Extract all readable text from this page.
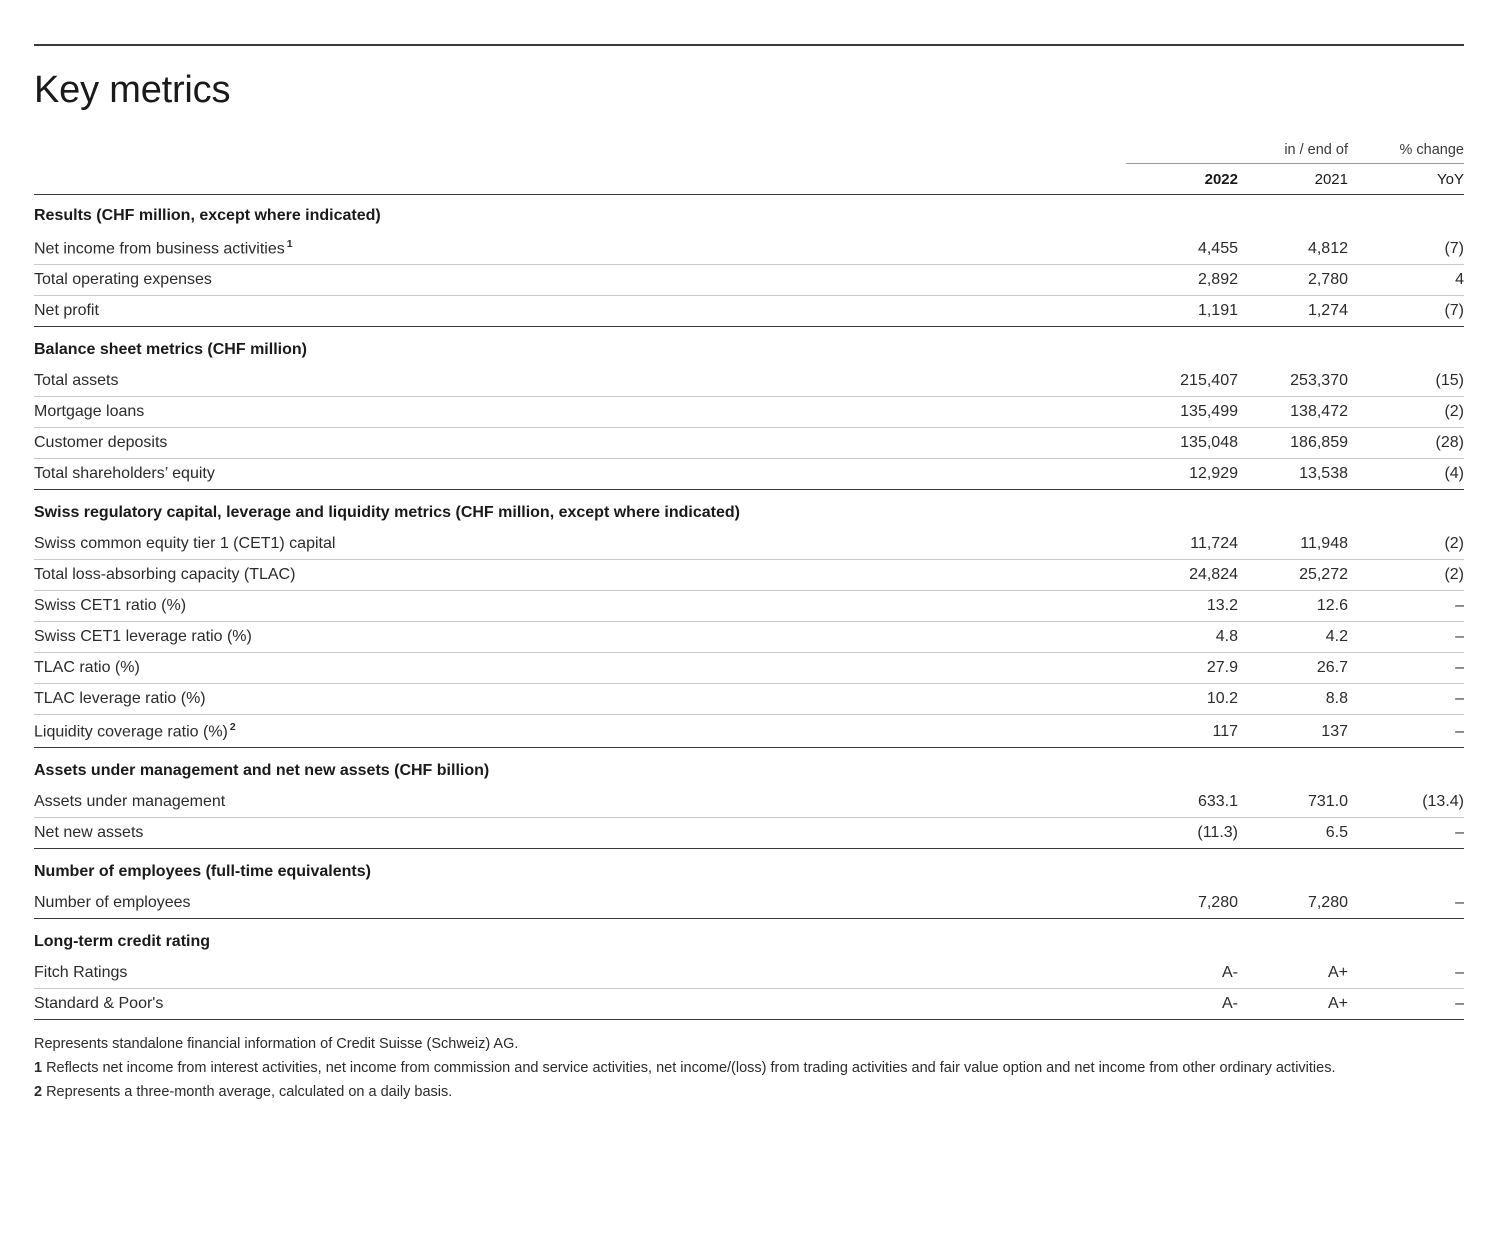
Key metrics
	in / end of		% change
	2022	2021	YoY
Results (CHF million, except where indicated)			
Net income from business activities $^1$	4,455	4,812	(7)
Total operating expenses	2,892	2,780	4
Net profit	1,191	1,274	(7)
Balance sheet metrics (CHF million)			
Total assets	215,407	253,370	(15)
Mortgage loans	135,499	138,472	(2)
Customer deposits	135,048	186,859	(28)
Total shareholders’ equity	12,929	13,538	(4)
Swiss regulatory capital, leverage and liquidity metrics (CHF million, except where indicated)			
Swiss common equity tier 1 (CET1) capital	11,724	11,948	(2)
Total loss-absorbing capacity (TLAC)	24,824	25,272	(2)
Swiss CET1 ratio (%)	13.2	12.6	–
Swiss CET1 leverage ratio (%)	4.8	4.2	–
TLAC ratio (%)	27.9	26.7	–
TLAC leverage ratio (%)	10.2	8.8	–
Liquidity coverage ratio (%) $^2$	117	137	–
Assets under management and net new assets (CHF billion)			
Assets under management	633.1	731.0	(13.4)
Net new assets	(11.3)	6.5	–
Number of employees (full-time equivalents)			
Number of employees	7,280	7,280	–
Long-term credit rating			
Fitch Ratings	A-	A+	–
Standard & Poor's	A-	A+	–

Represents standalone financial information of Credit Suisse (Schweiz) AG.

1 Reflects net income from interest activities, net income from commission and service activities, net income/(loss) from trading activities and fair value option and net income from other ordinary activities.
2 Represents a three-month average, calculated on a daily basis.
